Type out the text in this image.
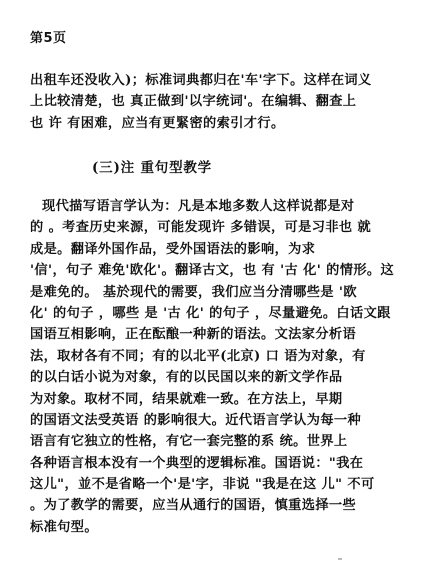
第5页
出租车还没收入)；标准词典都归在'车'字下。这样在词义
上比较清楚，也 真正做到'以字统词'。在编辑、翻查上
也 许 有困难，应当有更緊密的索引才行。
(三)注 重句型教学
现代描写语言学认为：凡是本地多数人这样说都是对
的 。考查历史来源，可能发现许 多错误，可是习非也 就
成是。翻译外国作品，受外国语法的影响，为求
'信'，句子 难免'欧化'。翻译古文，也 有 '古 化' 的情形。这
是难免的。 基於现代的需要，我们应当分清哪些是 '欧
化' 的句子 ，哪些 是 '古 化' 的句子 ，尽量避免。白话文跟
国语互相影响，正在酝酿一种新的语法。文法家分析语
法，取材各有不同；有的以北平(北京) 口 语为对象，有
的以白话小说为对象，有的以民国以来的新文学作品
为对象。取材不同，结果就难一致。在方法上，早期
的国语文法受英语 的影响很大。近代语言学认为每一种
语言有它独立的性格，有它一套完整的系 统。世界上
各种语言根本没有一个典型的逻辑标准。国语说："我在
这儿"，並不是省略一个'是'字，非说 "我是在这 儿" 不可
。为了教学的需要，应当从通行的国语，慎重选择一些
标准句型。
